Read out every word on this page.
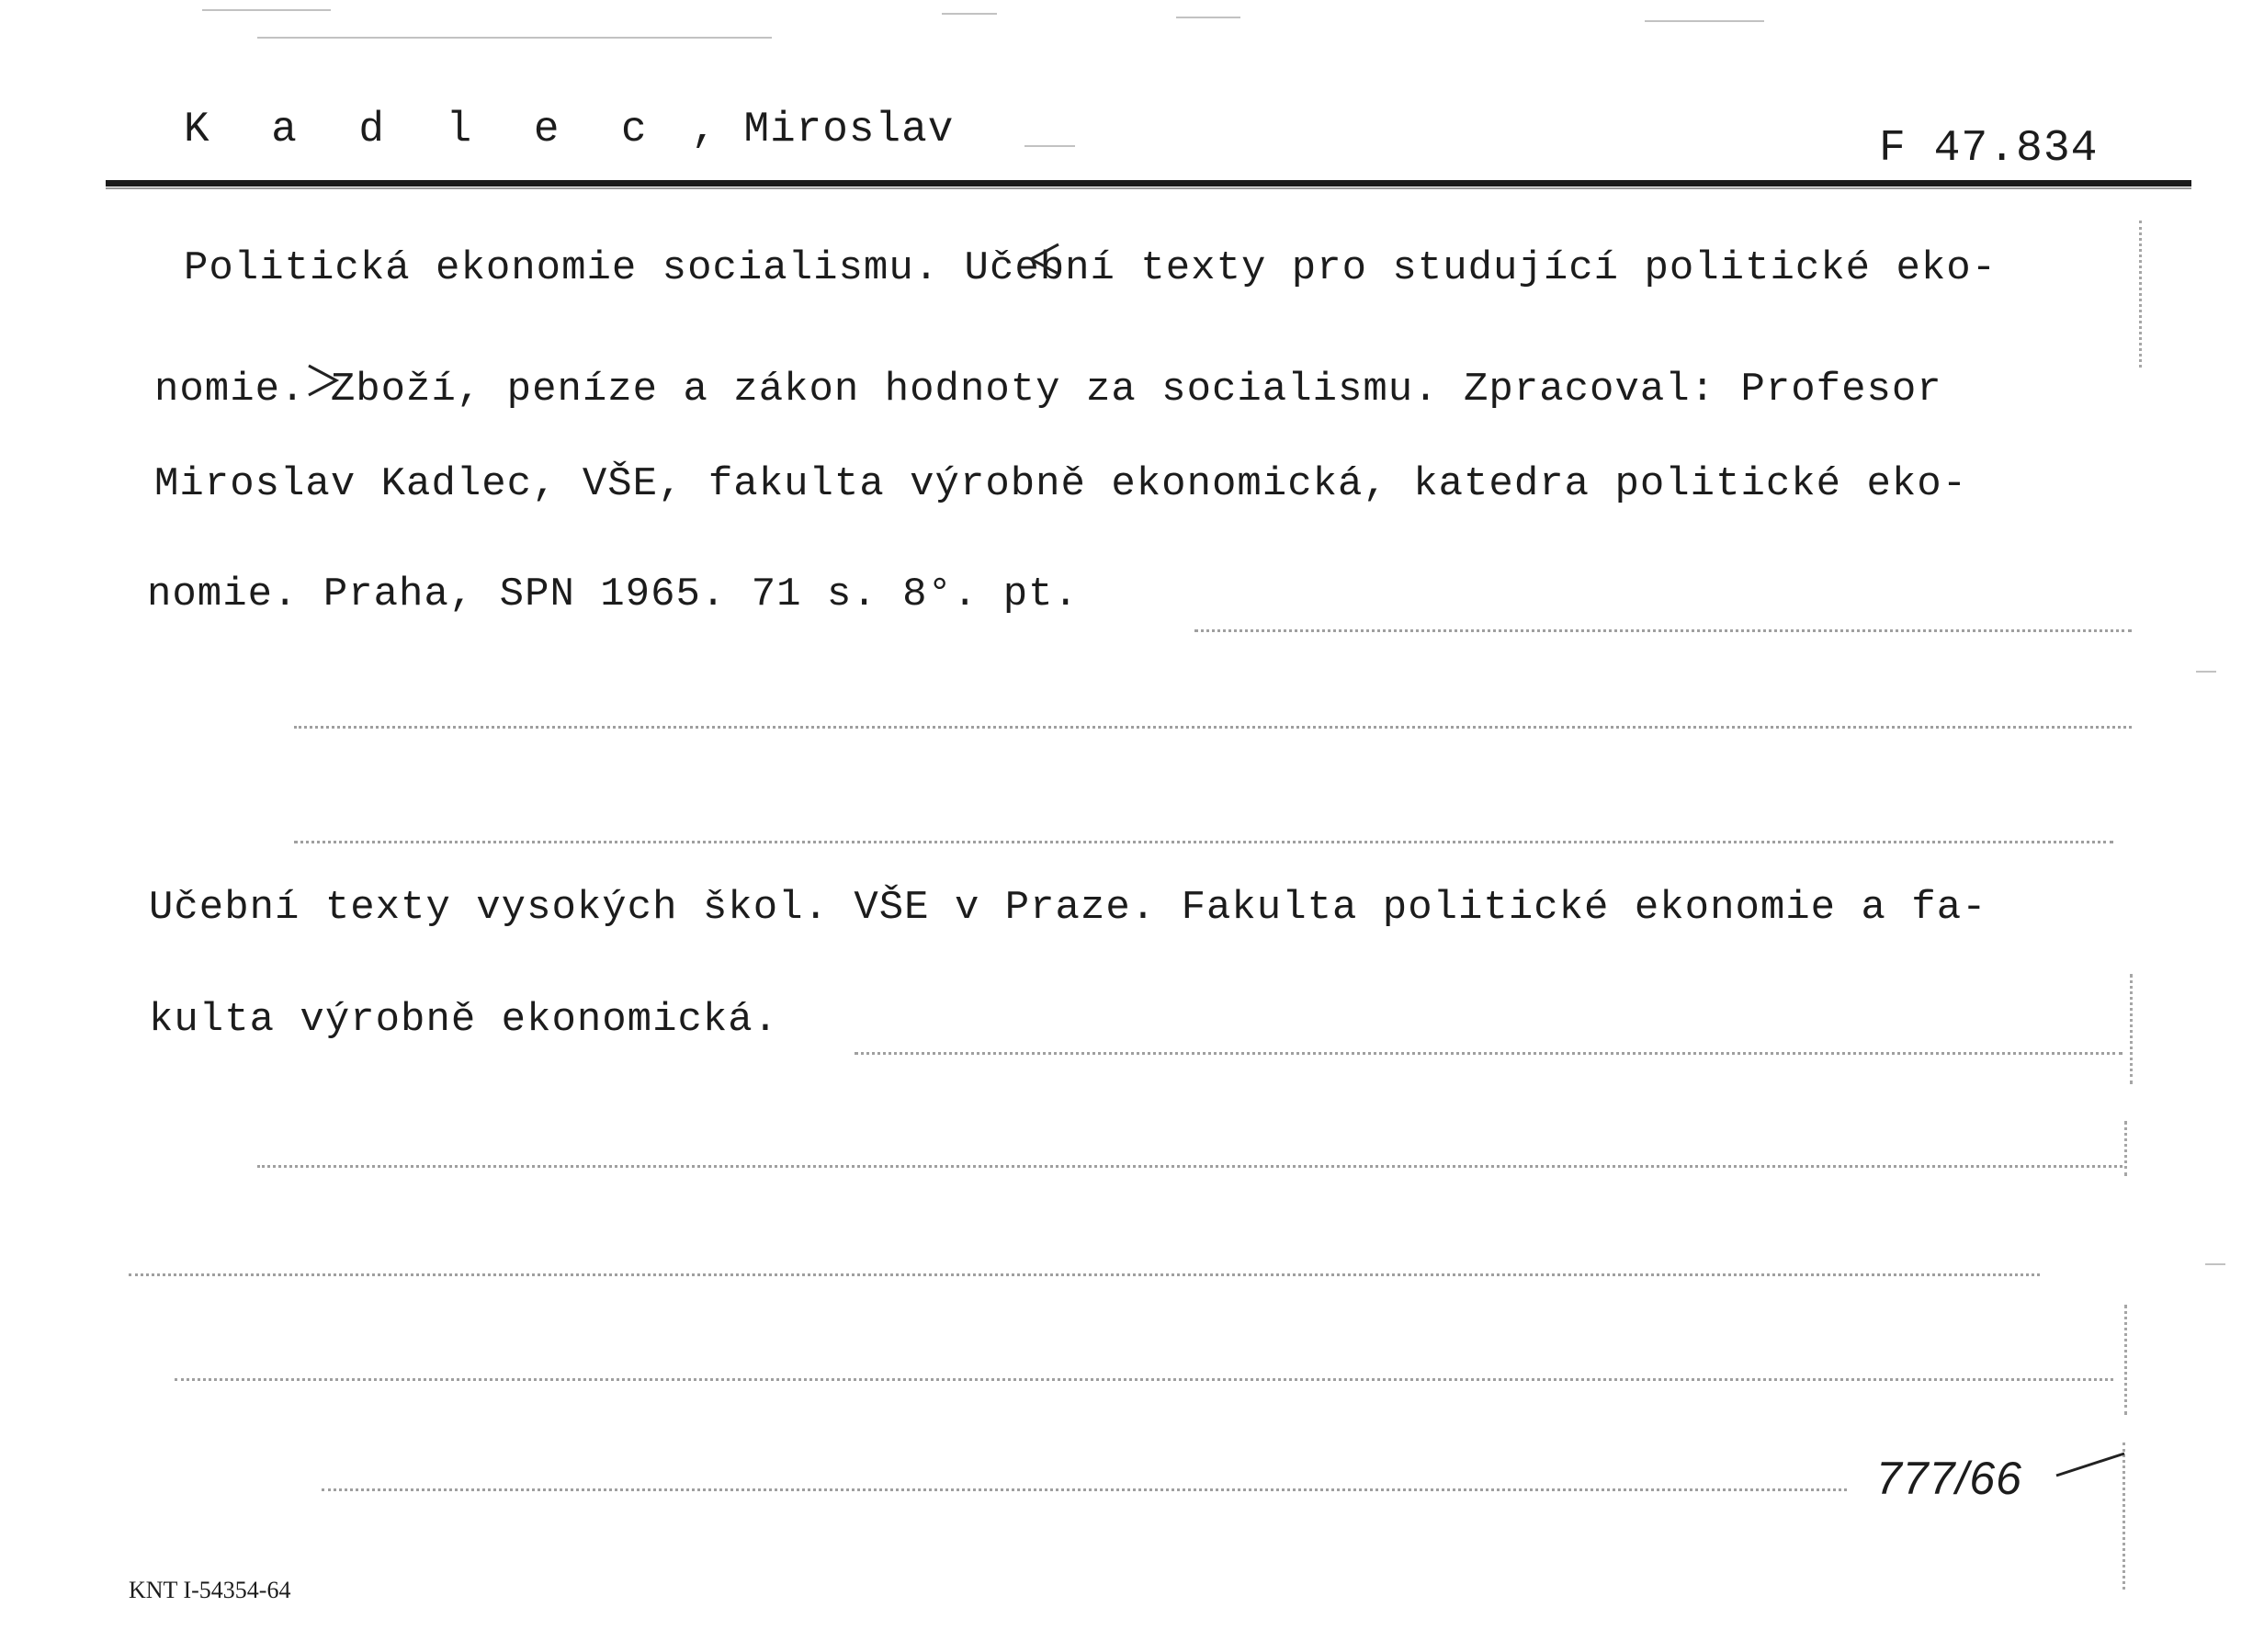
K a d l e c , Miroslav	F 47.834
Politická ekonomie socialismu. Učební texty pro studující politické eko-
nomie. Zboží, peníze a zákon hodnoty za socialismu. Zpracoval: Profesor
Miroslav Kadlec, VŠE, fakulta výrobně ekonomická, katedra politické eko-
nomie. Praha, SPN 1965. 71 s. 8°. pt.
Učební texty vysokých škol. VŠE v Praze. Fakulta politické ekonomie a fa-
kulta výrobně ekonomická.
777/66
KNT I-54354-64
